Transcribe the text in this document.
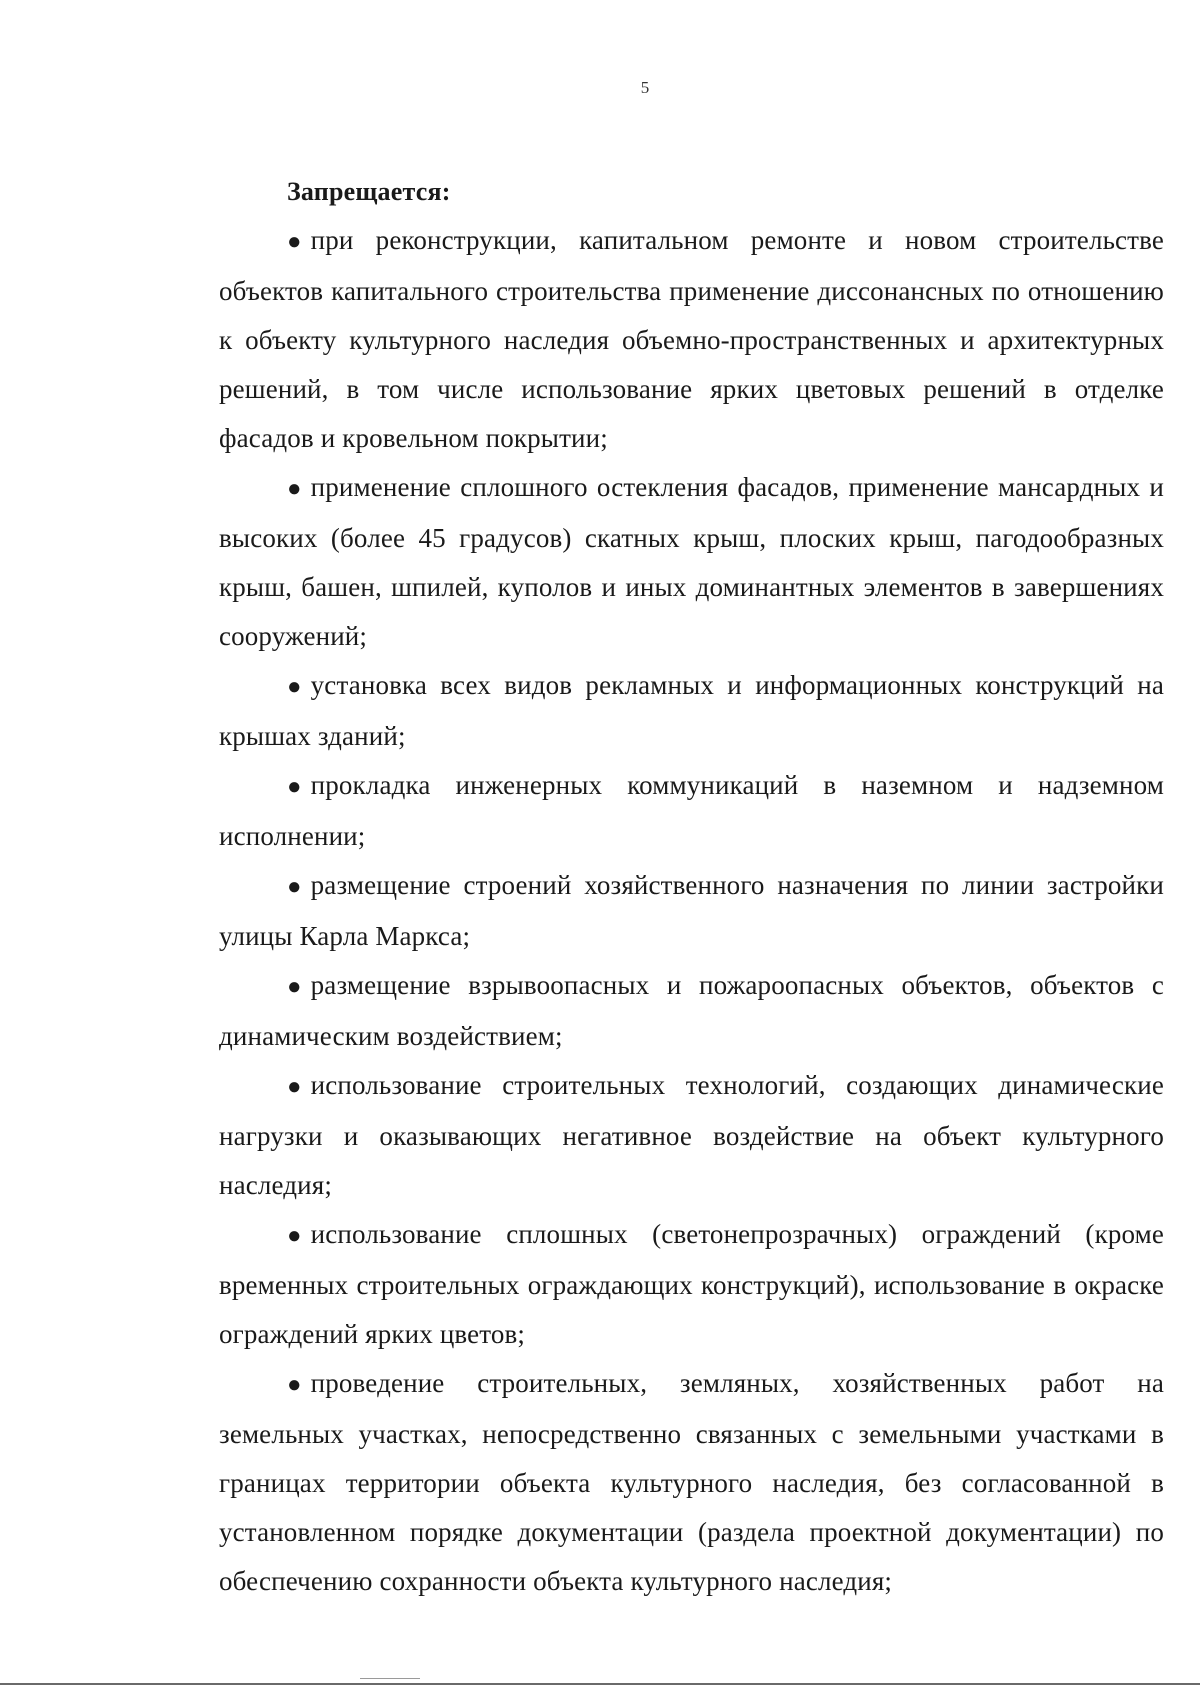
5

Запрещается:

● при реконструкции, капитальном ремонте и новом строительстве объектов капитального строительства применение диссонансных по отношению к объекту культурного наследия объемно-пространственных и архитектурных решений, в том числе использование ярких цветовых решений в отделке фасадов и кровельном покрытии;

● применение сплошного остекления фасадов, применение мансардных и высоких (более 45 градусов) скатных крыш, плоских крыш, пагодообразных крыш, башен, шпилей, куполов и иных доминантных элементов в завершениях сооружений;

● установка всех видов рекламных и информационных конструкций на крышах зданий;

● прокладка инженерных коммуникаций в наземном и надземном исполнении;

● размещение строений хозяйственного назначения по линии застройки улицы Карла Маркса;

● размещение взрывоопасных и пожароопасных объектов, объектов с динамическим воздействием;

● использование строительных технологий, создающих динамические нагрузки и оказывающих негативное воздействие на объект культурного наследия;

● использование сплошных (светонепрозрачных) ограждений (кроме временных строительных ограждающих конструкций), использование в окраске ограждений ярких цветов;

● проведение строительных, земляных, хозяйственных работ на земельных участках, непосредственно связанных с земельными участками в границах территории объекта культурного наследия, без согласованной в установленном порядке документации (раздела проектной документации) по обеспечению сохранности объекта культурного наследия;
